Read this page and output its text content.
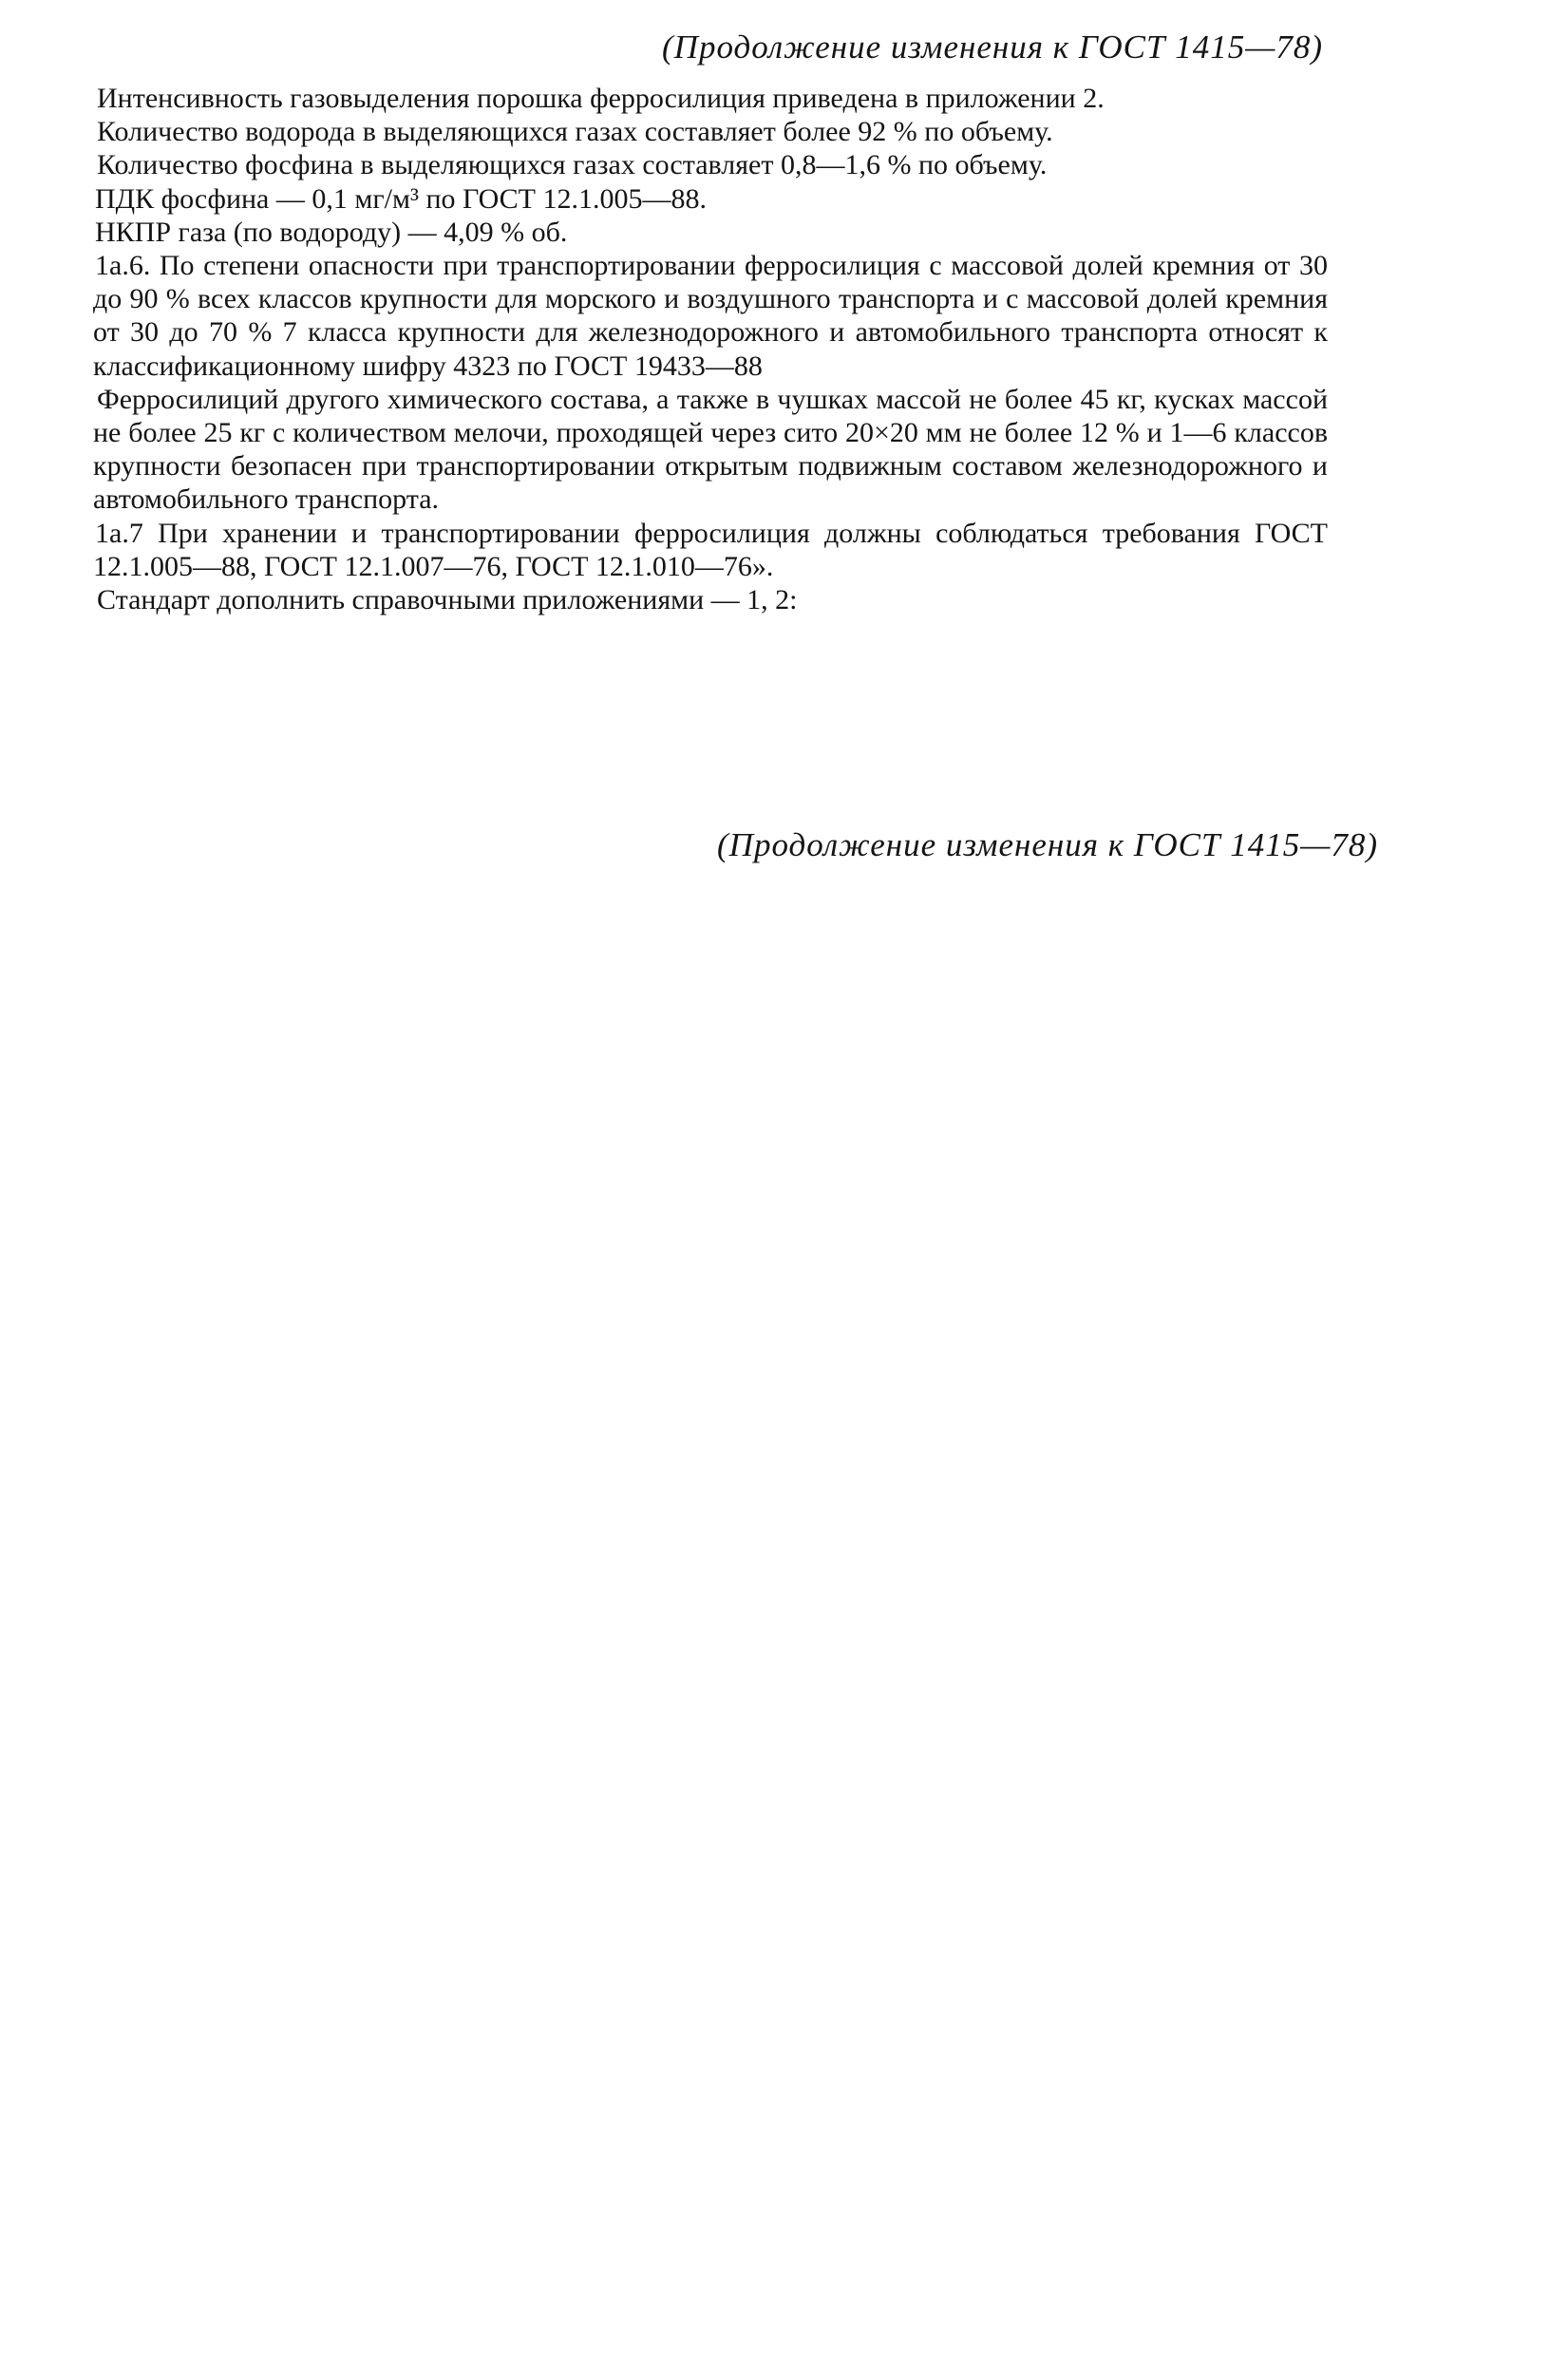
(Продолжение изменения к ГОСТ 1415—78)

Интенсивность газовыделения порошка ферросилиция приведена в приложении 2.

Количество водорода в выделяющихся газах составляет более 92 % по объему.

Количество фосфина в выделяющихся газах составляет 0,8—1,6 % по объему.

ПДК фосфина — 0,1 мг/м³ по ГОСТ 12.1.005—88.

НКПР газа (по водороду) — 4,09 % об.

1а.6. По степени опасности при транспортировании ферросилиция с массовой долей кремния от 30 до 90 % всех классов крупности для морского и воздушного транспорта и с массовой долей кремния от 30 до 70 % 7 класса крупности для железнодорожного и автомобильного транспорта относят к классификационному шифру 4323 по ГОСТ 19433—88

Ферросилиций другого химического состава, а также в чушках массой не более 45 кг, кусках массой не более 25 кг с количеством мелочи, проходящей через сито 20×20 мм не более 12 % и 1—6 классов крупности безопасен при транспортировании открытым подвижным составом железнодорожного и автомобильного транспорта.

1а.7 При хранении и транспортировании ферросилиция должны соблюдаться требования ГОСТ 12.1.005—88, ГОСТ 12.1.007—76, ГОСТ 12.1.010—76».

Стандарт дополнить справочными приложениями — 1, 2:

(Продолжение изменения к ГОСТ 1415—78)
